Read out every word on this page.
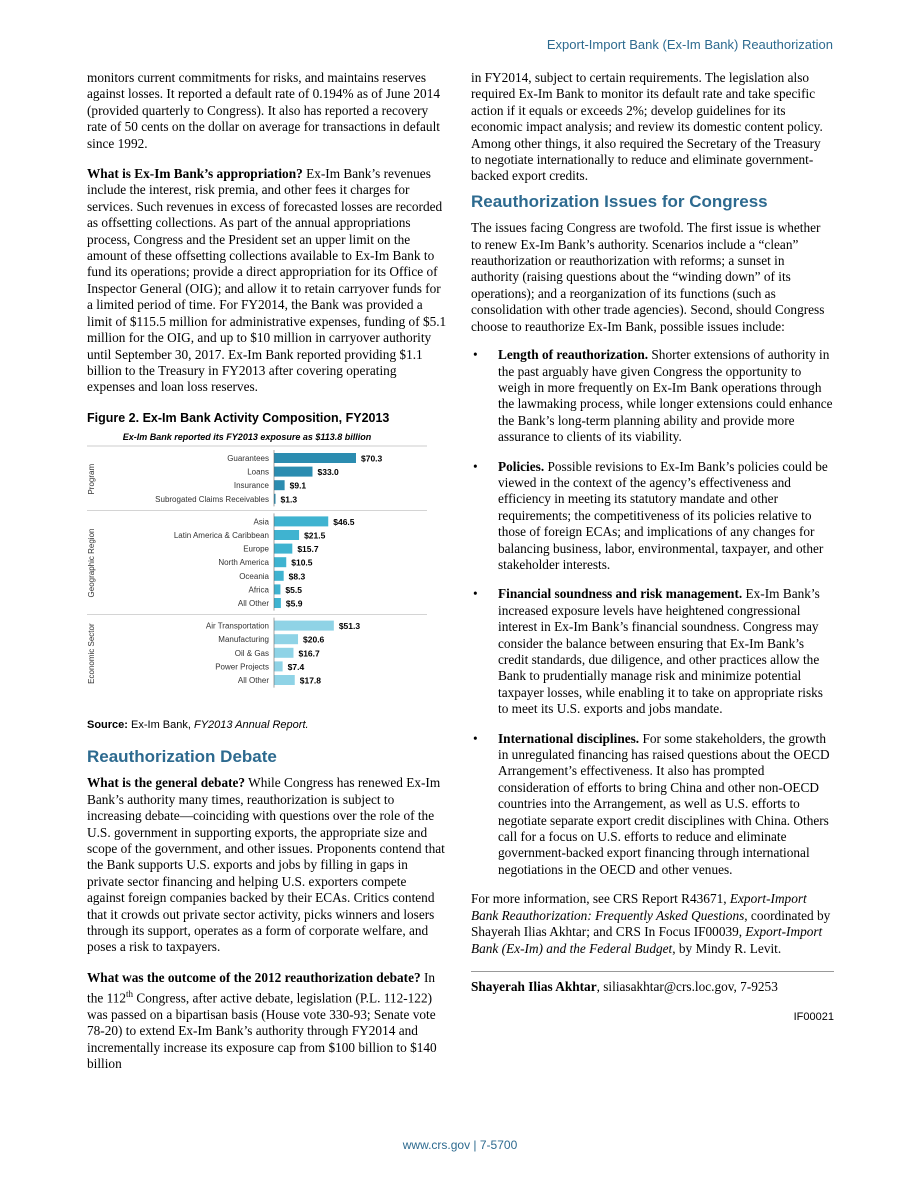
Export-Import Bank (Ex-Im Bank) Reauthorization

monitors current commitments for risks, and maintains reserves against losses. It reported a default rate of 0.194% as of June 2014 (provided quarterly to Congress). It also has reported a recovery rate of 50 cents on the dollar on average for transactions in default since 1992.

What is Ex-Im Bank’s appropriation? Ex-Im Bank’s revenues include the interest, risk premia, and other fees it charges for services. Such revenues in excess of forecasted losses are recorded as offsetting collections. As part of the annual appropriations process, Congress and the President set an upper limit on the amount of these offsetting collections available to Ex-Im Bank to fund its operations; provide a direct appropriation for its Office of Inspector General (OIG); and allow it to retain carryover funds for a limited period of time. For FY2014, the Bank was provided a limit of $115.5 million for administrative expenses, funding of $5.1 million for the OIG, and up to $10 million in carryover authority until September 30, 2017. Ex-Im Bank reported providing $1.1 billion to the Treasury in FY2013 after covering operating expenses and loan loss reserves.

Figure 2. Ex-Im Bank Activity Composition, FY2013
Ex-Im Bank reported its FY2013 exposure as $113.8 billion
Guarantees	$70.3
Loans	$33.0
Insurance $9.1
Subrogated Claims Receivables $1.3
Program
Asia	$46.5
Latin America & Caribbean	$21.5
Europe	$15.7
North America	$10.5
Oceania $8.3
Africa $5.5
All Other $5.9
Geographic Region
Air Transportation	$51.3
Manufacturing	$20.6
Oil & Gas	$16.7
Power Projects $7.4
All Other	$17.8
Economic Sector
Source: Ex-Im Bank, FY2013 Annual Report.
Reauthorization Debate

What is the general debate? While Congress has renewed Ex-Im Bank’s authority many times, reauthorization is subject to increasing debate—coinciding with questions over the role of the U.S. government in supporting exports, the appropriate size and scope of the government, and other issues. Proponents contend that the Bank supports U.S. exports and jobs by filling in gaps in private sector financing and helping U.S. exporters compete against foreign companies backed by their ECAs. Critics contend that it crowds out private sector activity, picks winners and losers through its support, operates as a form of corporate welfare, and poses a risk to taxpayers.

What was the outcome of the 2012 reauthorization debate? In the 112th Congress, after active debate, legislation (P.L. 112-122) was passed on a bipartisan basis (House vote 330-93; Senate vote 78-20) to extend Ex-Im Bank’s authority through FY2014 and incrementally increase its exposure cap from $100 billion to $140 billion

in FY2014, subject to certain requirements. The legislation also required Ex-Im Bank to monitor its default rate and take specific action if it equals or exceeds 2%; develop guidelines for its economic impact analysis; and review its domestic content policy. Among other things, it also required the Secretary of the Treasury to negotiate internationally to reduce and eliminate government-backed export credits.

Reauthorization Issues for Congress

The issues facing Congress are twofold. The first issue is whether to renew Ex-Im Bank’s authority. Scenarios include a “clean” reauthorization or reauthorization with reforms; a sunset in authority (raising questions about the “winding down” of its operations); and a reorganization of its functions (such as consolidation with other trade agencies). Second, should Congress choose to reauthorize Ex-Im Bank, possible issues include:

• Length of reauthorization. Shorter extensions of authority in the past arguably have given Congress the opportunity to weigh in more frequently on Ex-Im Bank operations through the lawmaking process, while longer extensions could enhance the Bank’s long-term planning ability and provide more assurance to clients of its viability.
• Policies. Possible revisions to Ex-Im Bank’s policies could be viewed in the context of the agency’s effectiveness and efficiency in meeting its statutory mandate and other requirements; the competitiveness of its policies relative to those of foreign ECAs; and implications of any changes for balancing business, labor, environmental, taxpayer, and other stakeholder interests.
• Financial soundness and risk management. Ex-Im Bank’s increased exposure levels have heightened congressional interest in Ex-Im Bank’s financial soundness. Congress may consider the balance between ensuring that Ex-Im Bank’s credit standards, due diligence, and other practices allow the Bank to prudentially manage risk and minimize potential taxpayer losses, while enabling it to take on appropriate risks to meet its U.S. exports and jobs mandate.
• International disciplines. For some stakeholders, the growth in unregulated financing has raised questions about the OECD Arrangement’s effectiveness. It also has prompted consideration of efforts to bring China and other non-OECD countries into the Arrangement, as well as U.S. efforts to negotiate separate export credit disciplines with China. Others call for a focus on U.S. efforts to reduce and eliminate government-backed export financing through international negotiations in the OECD and other venues.

For more information, see CRS Report R43671, Export-Import Bank Reauthorization: Frequently Asked Questions, coordinated by Shayerah Ilias Akhtar; and CRS In Focus IF00039, Export-Import Bank (Ex-Im) and the Federal Budget, by Mindy R. Levit.

Shayerah Ilias Akhtar, siliasakhtar@crs.loc.gov, 7-9253
IF00021
www.crs.gov | 7-5700
